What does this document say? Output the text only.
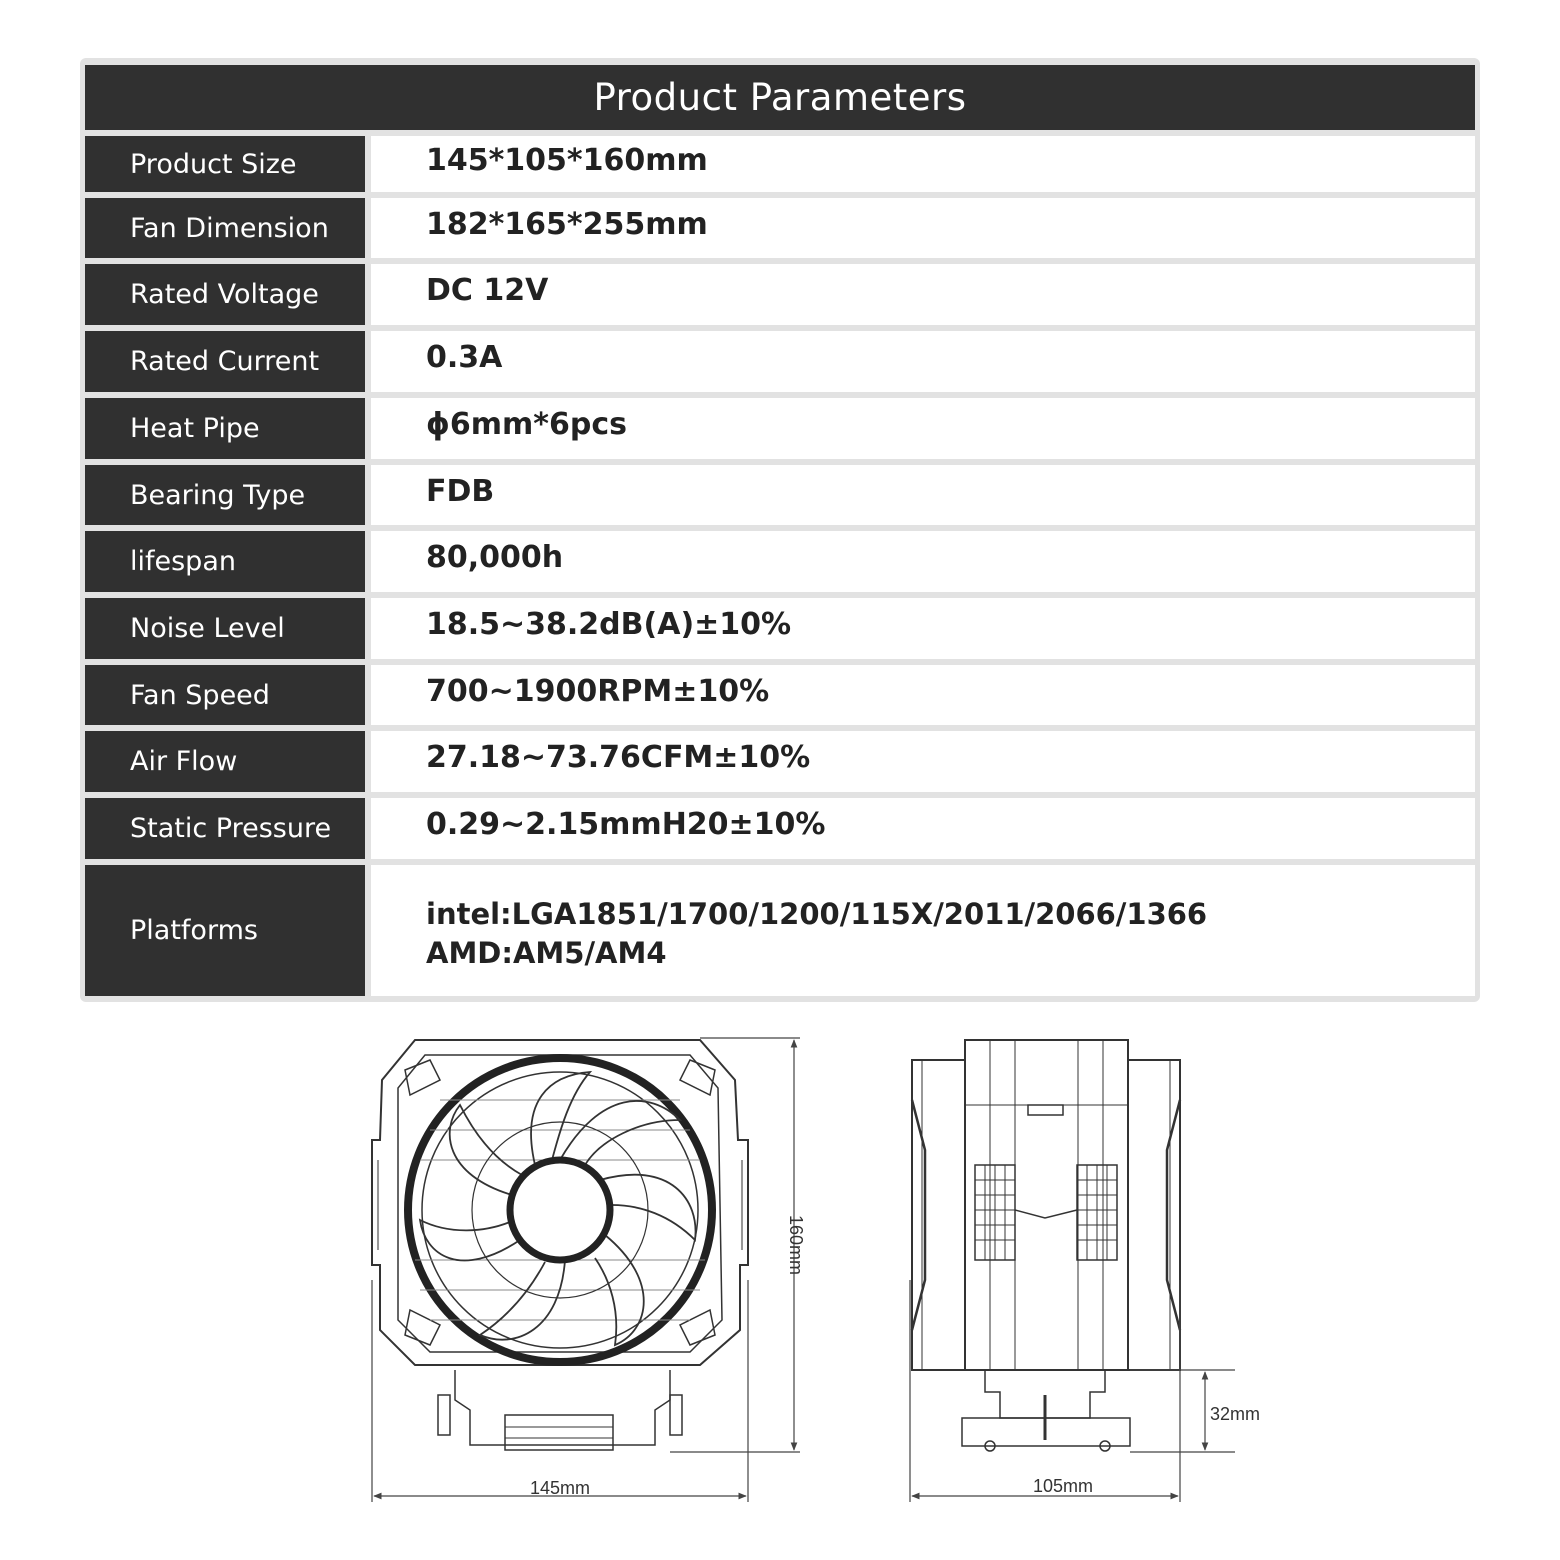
Product Parameters
Product Size	145*105*160mm
Fan Dimension	182*165*255mm
Rated Voltage	DC 12V
Rated Current	0.3A
Heat Pipe	ϕ6mm*6pcs
Bearing Type	FDB
lifespan	80,000h
Noise Level	18.5~38.2dB(A)±10%
Fan Speed	700~1900RPM±10%
Air Flow	27.18~73.76CFM±10%
Static Pressure	0.29~2.15mmH20±10%
Platforms	intel:LGA1851/1700/1200/115X/2011/2066/1366
AMD:AM5/AM4
145mm
160mm
105mm
32mm
